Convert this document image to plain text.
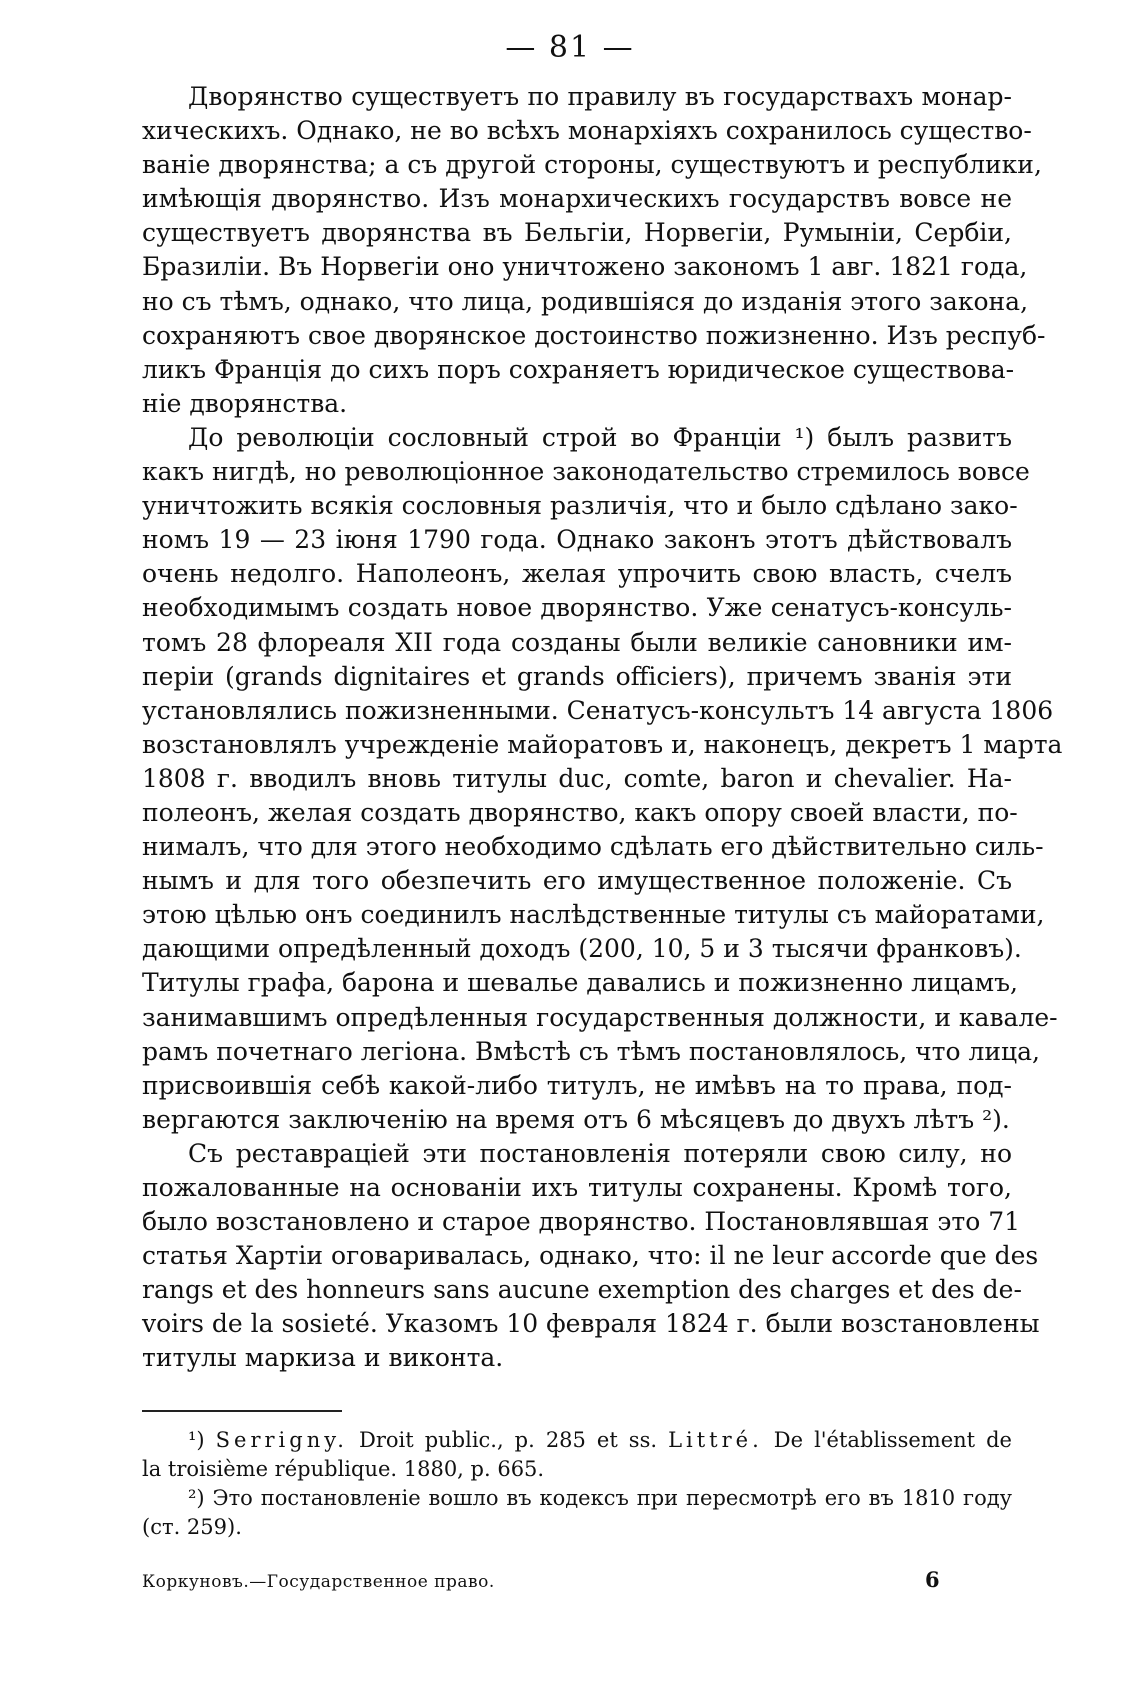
— 81 —
Дворянство существуетъ по правилу въ государствахъ монар-
хическихъ. Однако, не во всѣхъ монархіяхъ сохранилось существо-
ваніе дворянства; а съ другой стороны, существуютъ и республики,
имѣющія дворянство. Изъ монархическихъ государствъ вовсе не
существуетъ дворянства въ Бельгіи, Норвегіи, Румыніи, Сербіи,
Бразиліи. Въ Норвегіи оно уничтожено закономъ 1 авг. 1821 года,
но съ тѣмъ, однако, что лица, родившіяся до изданія этого закона,
сохраняютъ свое дворянское достоинство пожизненно. Изъ респуб-
ликъ Франція до сихъ поръ сохраняетъ юридическое существова-
ніе дворянства.
До революціи сословный строй во Франціи ¹) былъ развитъ
какъ нигдѣ, но революціонное законодательство стремилось вовсе
уничтожить всякія сословныя различія, что и было сдѣлано зако-
номъ 19 — 23 іюня 1790 года. Однако законъ этотъ дѣйствовалъ
очень недолго. Наполеонъ, желая упрочить свою власть, счелъ
необходимымъ создать новое дворянство. Уже сенатусъ-консуль-
томъ 28 флореаля XII года созданы были великіе сановники им-
періи (grands dignitaires et grands officiers), причемъ званія эти
установлялись пожизненными. Сенатусъ-консультъ 14 августа 1806
возстановлялъ учрежденіе майоратовъ и, наконецъ, декретъ 1 марта
1808 г. вводилъ вновь титулы duc, comte, baron и chevalier. На-
полеонъ, желая создать дворянство, какъ опору своей власти, по-
нималъ, что для этого необходимо сдѣлать его дѣйствительно силь-
нымъ и для того обезпечить его имущественное положеніе. Съ
этою цѣлью онъ соединилъ наслѣдственные титулы съ майоратами,
дающими опредѣленный доходъ (200, 10, 5 и 3 тысячи франковъ).
Титулы графа, барона и шевалье давались и пожизненно лицамъ,
занимавшимъ опредѣленныя государственныя должности, и кавале-
рамъ почетнаго легіона. Вмѣстѣ съ тѣмъ постановлялось, что лица,
присвоившія себѣ какой-либо титулъ, не имѣвъ на то права, под-
вергаются заключенію на время отъ 6 мѣсяцевъ до двухъ лѣтъ ²).
Съ реставраціей эти постановленія потеряли свою силу, но
пожалованные на основаніи ихъ титулы сохранены. Кромѣ того,
было возстановлено и старое дворянство. Постановлявшая это 71
статья Хартіи оговаривалась, однако, что: il ne leur accorde que des
rangs et des honneurs sans aucune exemption des charges et des de-
voirs de la sosieté. Указомъ 10 февраля 1824 г. были возстановлены
титулы маркиза и виконта.
¹) Serrigny. Droit public., p. 285 et ss. Littré. De l'établissement de
la troisième république. 1880, p. 665.
²) Это постановленіе вошло въ кодексъ при пересмотрѣ его въ 1810 году
(ст. 259).
Коркуновъ.—Государственное право.	6
